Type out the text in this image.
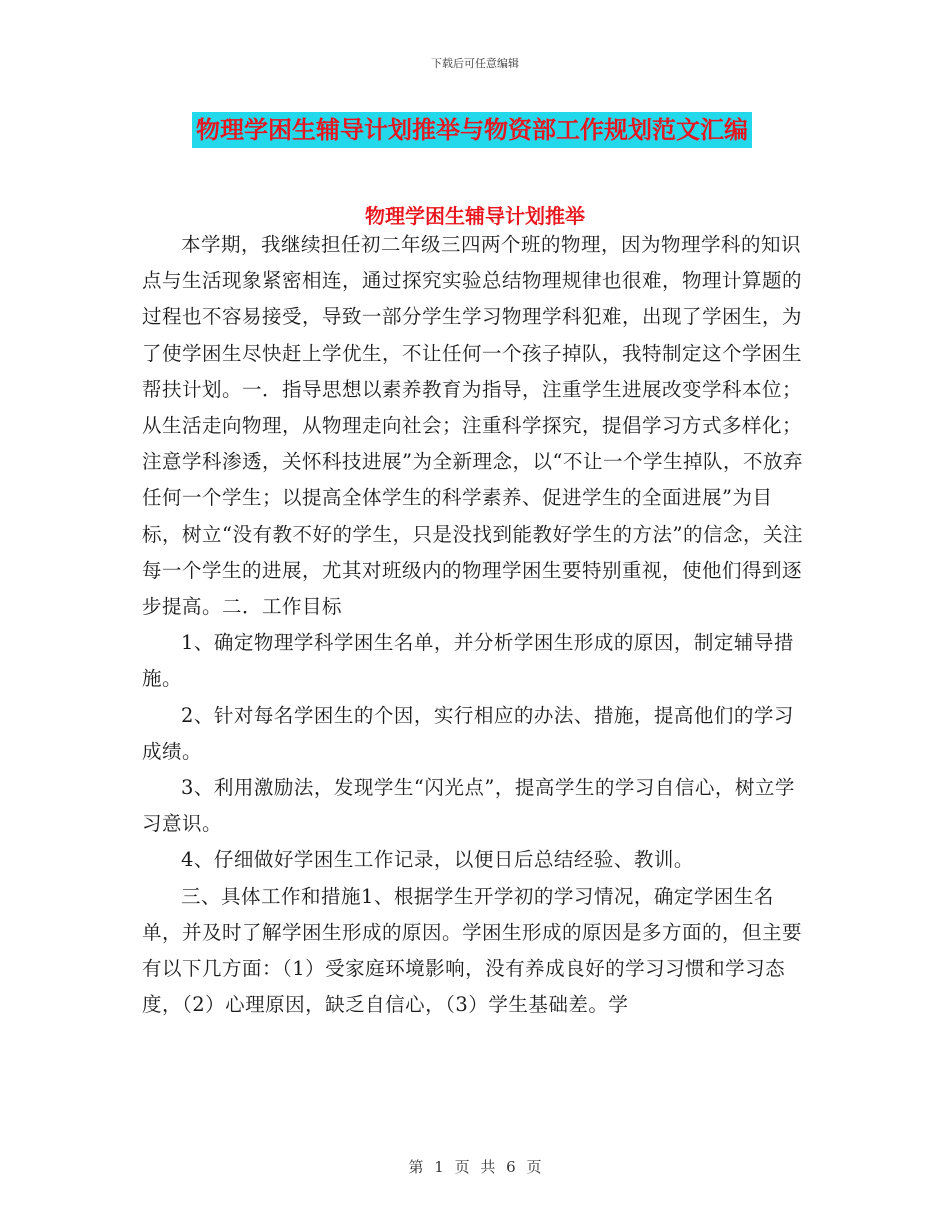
下载后可任意编辑
物理学困生辅导计划推举与物资部工作规划范文汇编
物理学困生辅导计划推举

本学期，我继续担任初二年级三四两个班的物理，因为物理学科的知识点与生活现象紧密相连，通过探究实验总结物理规律也很难，物理计算题的过程也不容易接受，导致一部分学生学习物理学科犯难，出现了学困生，为了使学困生尽快赶上学优生，不让任何一个孩子掉队，我特制定这个学困生帮扶计划。一．指导思想以素养教育为指导，注重学生进展改变学科本位；从生活走向物理，从物理走向社会；注重科学探究，提倡学习方式多样化；注意学科渗透，关怀科技进展”为全新理念，以“不让一个学生掉队，不放弃任何一个学生；以提高全体学生的科学素养、促进学生的全面进展”为目标，树立“没有教不好的学生，只是没找到能教好学生的方法”的信念，关注每一个学生的进展，尤其对班级内的物理学困生要特别重视，使他们得到逐步提高。二．工作目标

1、确定物理学科学困生名单，并分析学困生形成的原因，制定辅导措施。

2、针对每名学困生的个因，实行相应的办法、措施，提高他们的学习成绩。

3、利用激励法，发现学生“闪光点”，提高学生的学习自信心，树立学习意识。

4、仔细做好学困生工作记录，以便日后总结经验、教训。

三、具体工作和措施1、根据学生开学初的学习情况，确定学困生名单，并及时了解学困生形成的原因。学困生形成的原因是多方面的，但主要有以下几方面：（1）受家庭环境影响，没有养成良好的学习习惯和学习态度，（2）心理原因，缺乏自信心，（3）学生基础差。学

第 1 页 共 6 页
